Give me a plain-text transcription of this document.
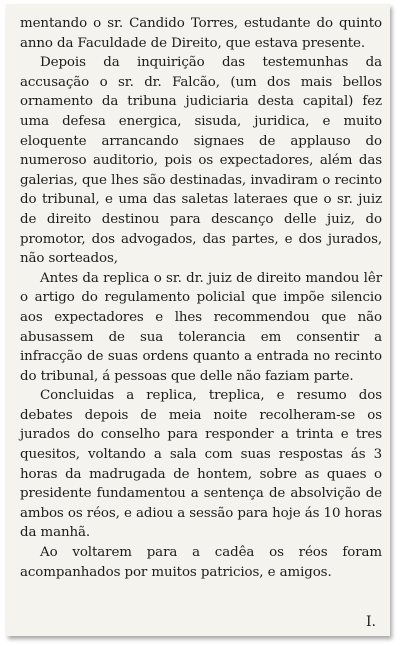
mentando o sr. Candido Torres, estudante do quinto anno da Faculdade de Direito, que estava presente.

Depois da inquirição das testemunhas da accusação o sr. dr. Falcão, (um dos mais bellos ornamento da tribuna judiciaria desta capital) fez uma defesa energica, sisuda, juridica, e muito eloquente arrancando signaes de applauso do numeroso auditorio, pois os expectadores, além das galerias, que lhes são destinadas, invadiram o recinto do tribunal, e uma das saletas lateraes que o sr. juiz de direito destinou para descanço delle juiz, do promotor, dos advogados, das partes, e dos jurados, não sorteados,

Antes da replica o sr. dr. juiz de direito mandou lêr o artigo do regulamento policial que impõe silencio aos expectadores e lhes recommendou que não abusassem de sua tolerancia em consentir a infracção de suas ordens quanto a entrada no recinto do tribunal, á pessoas que delle não faziam parte.

Concluidas a replica, treplica, e resumo dos debates depois de meia noite recolheram-se os jurados do conselho para responder a trinta e tres quesitos, voltando a sala com suas respostas ás 3 horas da madrugada de hontem, sobre as quaes o presidente fundamentou a sentença de absolvição de ambos os réos, e adiou a sessão para hoje ás 10 horas da manhã.

Ao voltarem para a cadêa os réos foram acompanhados por muitos patricios, e amigos.

I.
